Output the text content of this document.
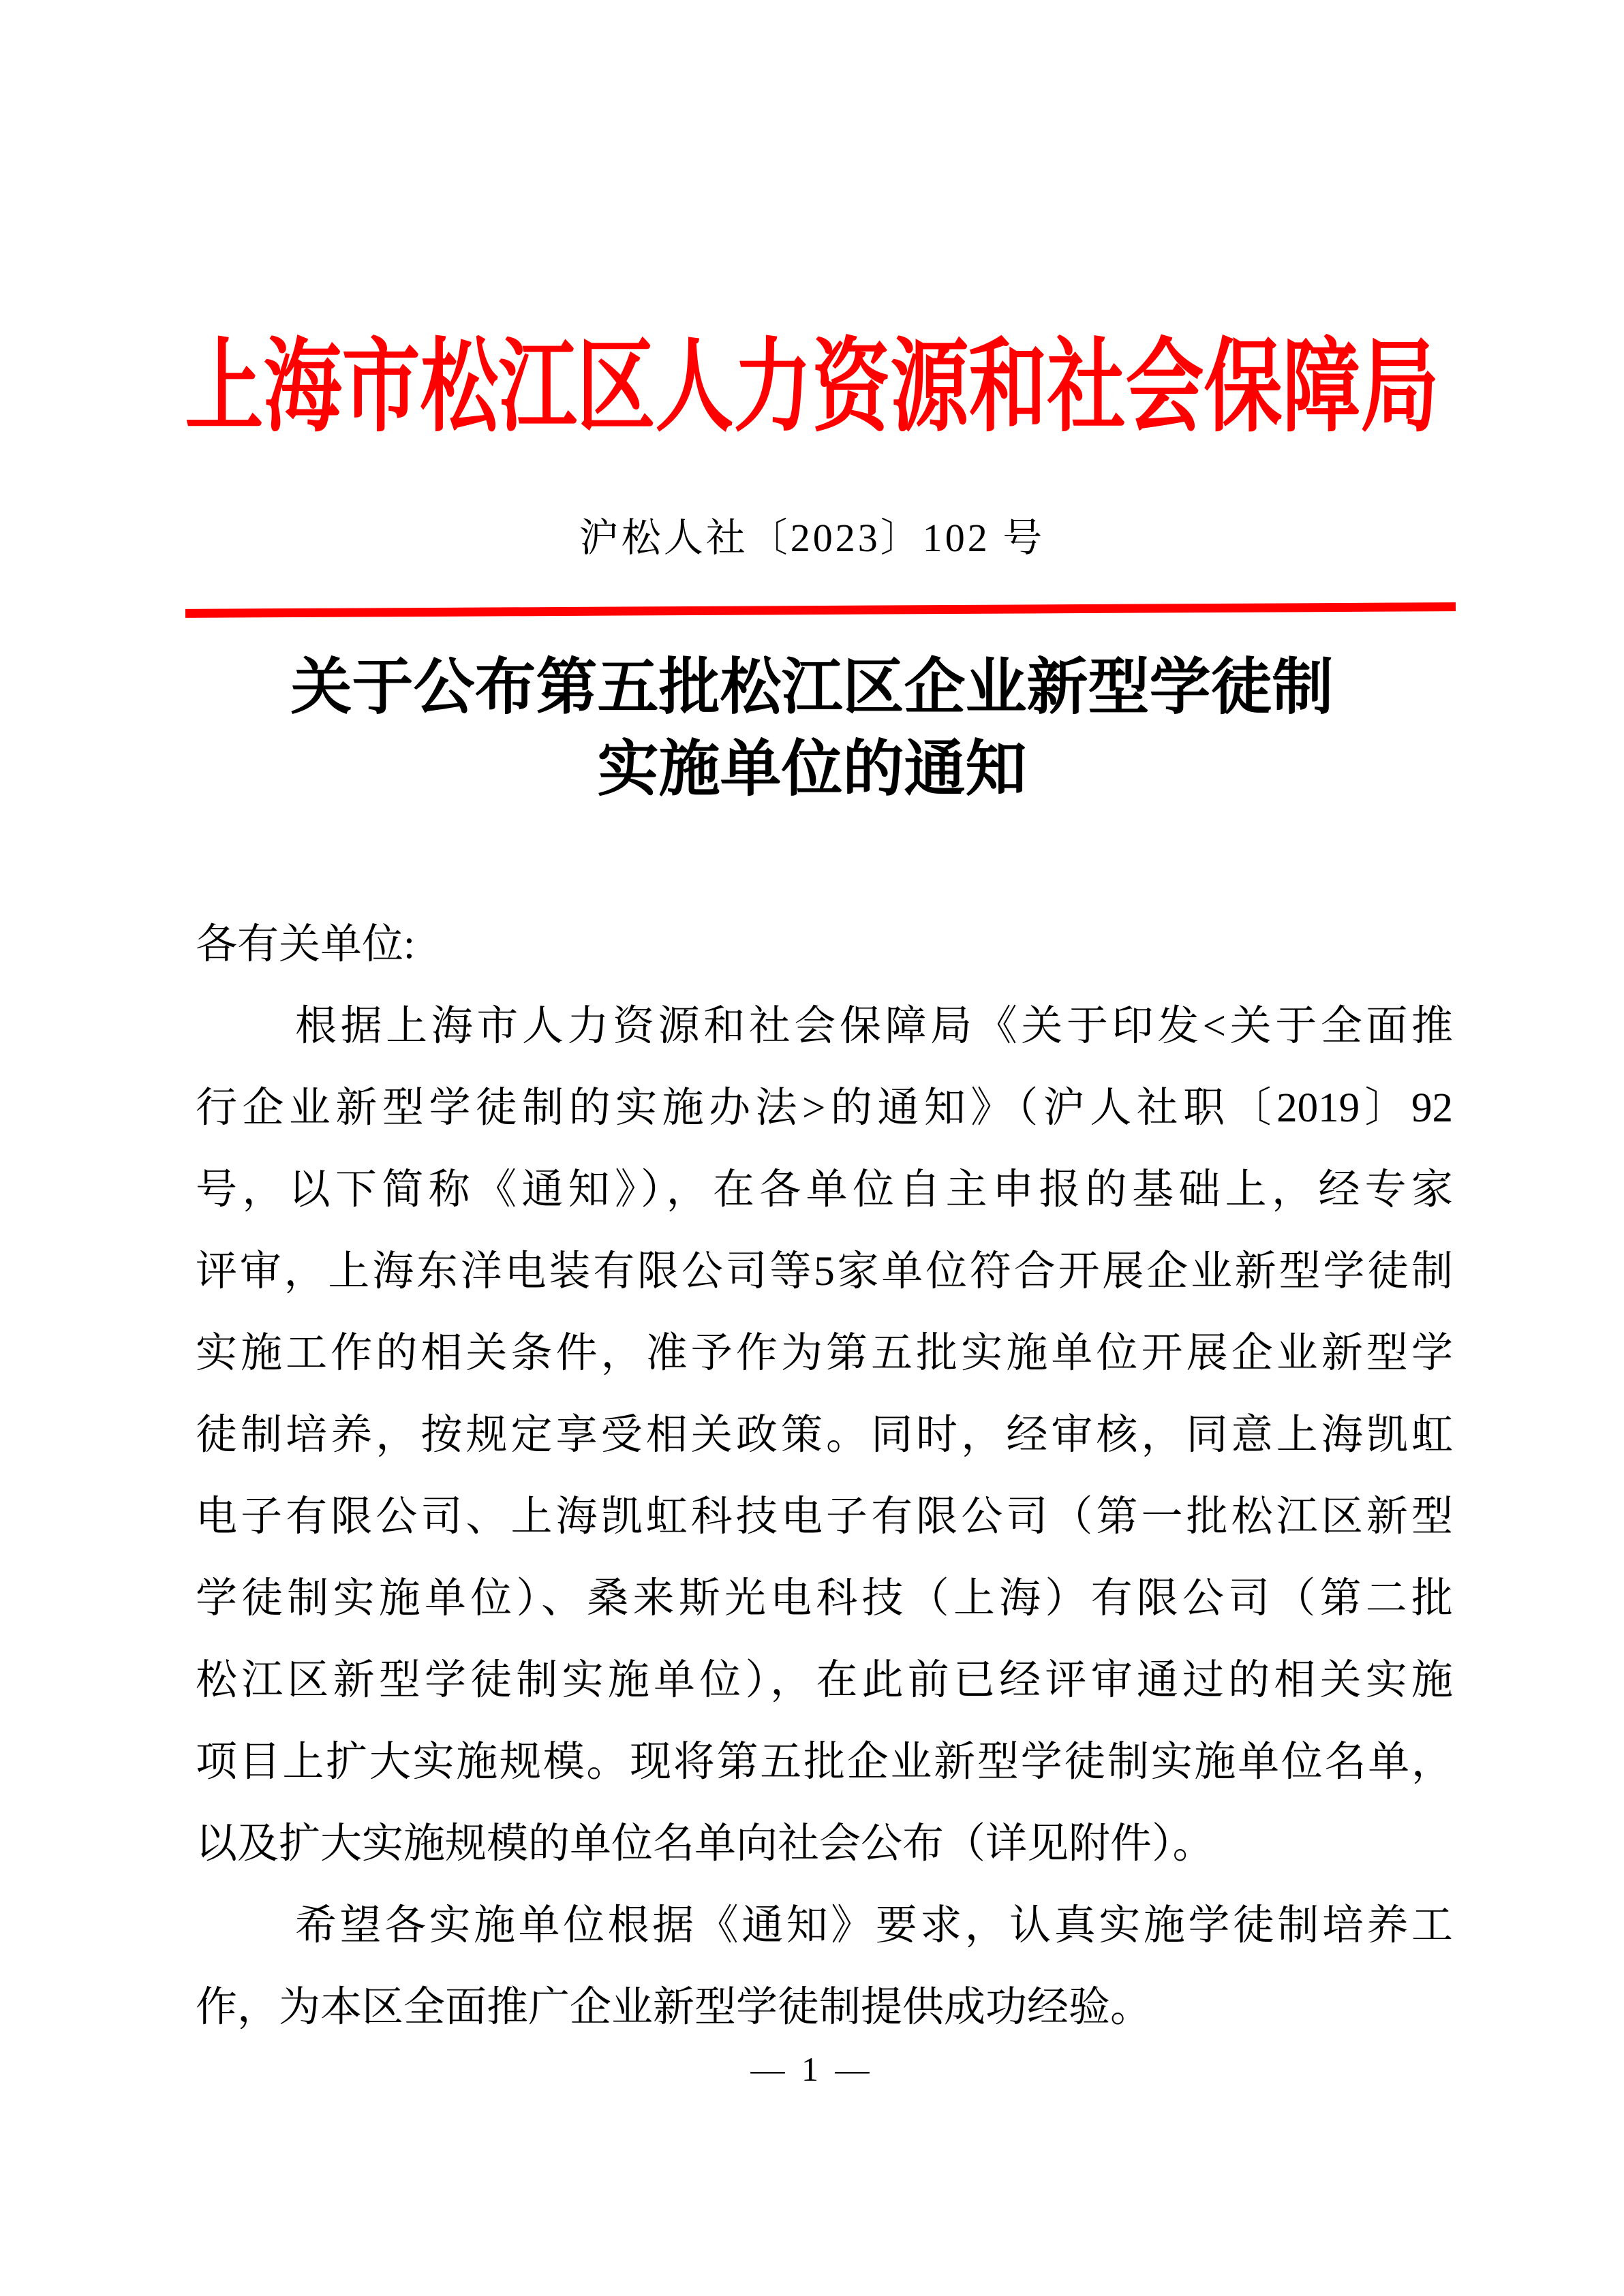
上海市松江区人力资源和社会保障局
沪松人社〔2023〕102 号
关于公布第五批松江区企业新型学徒制
实施单位的通知
各有关单位:
根据上海市人力资源和社会保障局《关于印发<关于全面推
行企业新型学徒制的实施办法>的通知》（沪人社职〔2019〕92
号，以下简称《通知》），在各单位自主申报的基础上，经专家
评审，上海东洋电装有限公司等5家单位符合开展企业新型学徒制
实施工作的相关条件，准予作为第五批实施单位开展企业新型学
徒制培养，按规定享受相关政策。同时，经审核，同意上海凯虹
电子有限公司、上海凯虹科技电子有限公司（第一批松江区新型
学徒制实施单位）、桑来斯光电科技（上海）有限公司（第二批
松江区新型学徒制实施单位），在此前已经评审通过的相关实施
项目上扩大实施规模。现将第五批企业新型学徒制实施单位名单，
以及扩大实施规模的单位名单向社会公布（详见附件）。
希望各实施单位根据《通知》要求，认真实施学徒制培养工
作，为本区全面推广企业新型学徒制提供成功经验。
— 1 —
